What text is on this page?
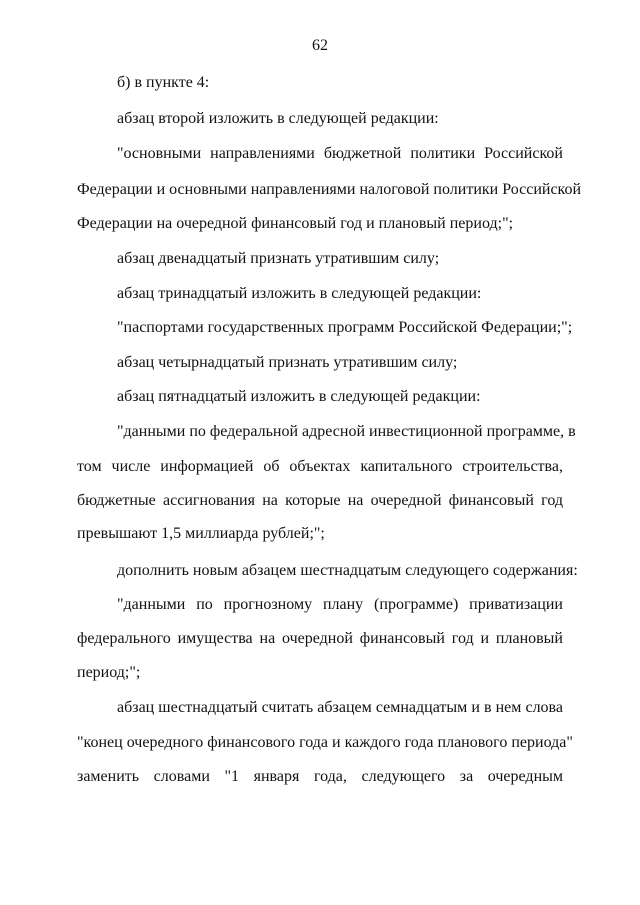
62
б) в пункте 4:
абзац второй изложить в следующей редакции:
"основными направлениями бюджетной политики Российской
Федерации и основными направлениями налоговой политики Российской
Федерации на очередной финансовый год и плановый период;";
абзац двенадцатый признать утратившим силу;
абзац тринадцатый изложить в следующей редакции:
"паспортами государственных программ Российской Федерации;";
абзац четырнадцатый признать утратившим силу;
абзац пятнадцатый изложить в следующей редакции:
"данными по федеральной адресной инвестиционной программе, в
том числе информацией об объектах капитального строительства,
бюджетные ассигнования на которые на очередной финансовый год
превышают 1,5 миллиарда рублей;";
дополнить новым абзацем шестнадцатым следующего содержания:
"данными по прогнозному плану (программе) приватизации
федерального имущества на очередной финансовый год и плановый
период;";
абзац шестнадцатый считать абзацем семнадцатым и в нем слова
"конец очередного финансового года и каждого года планового периода"
заменить словами "1 января года, следующего за очередным
